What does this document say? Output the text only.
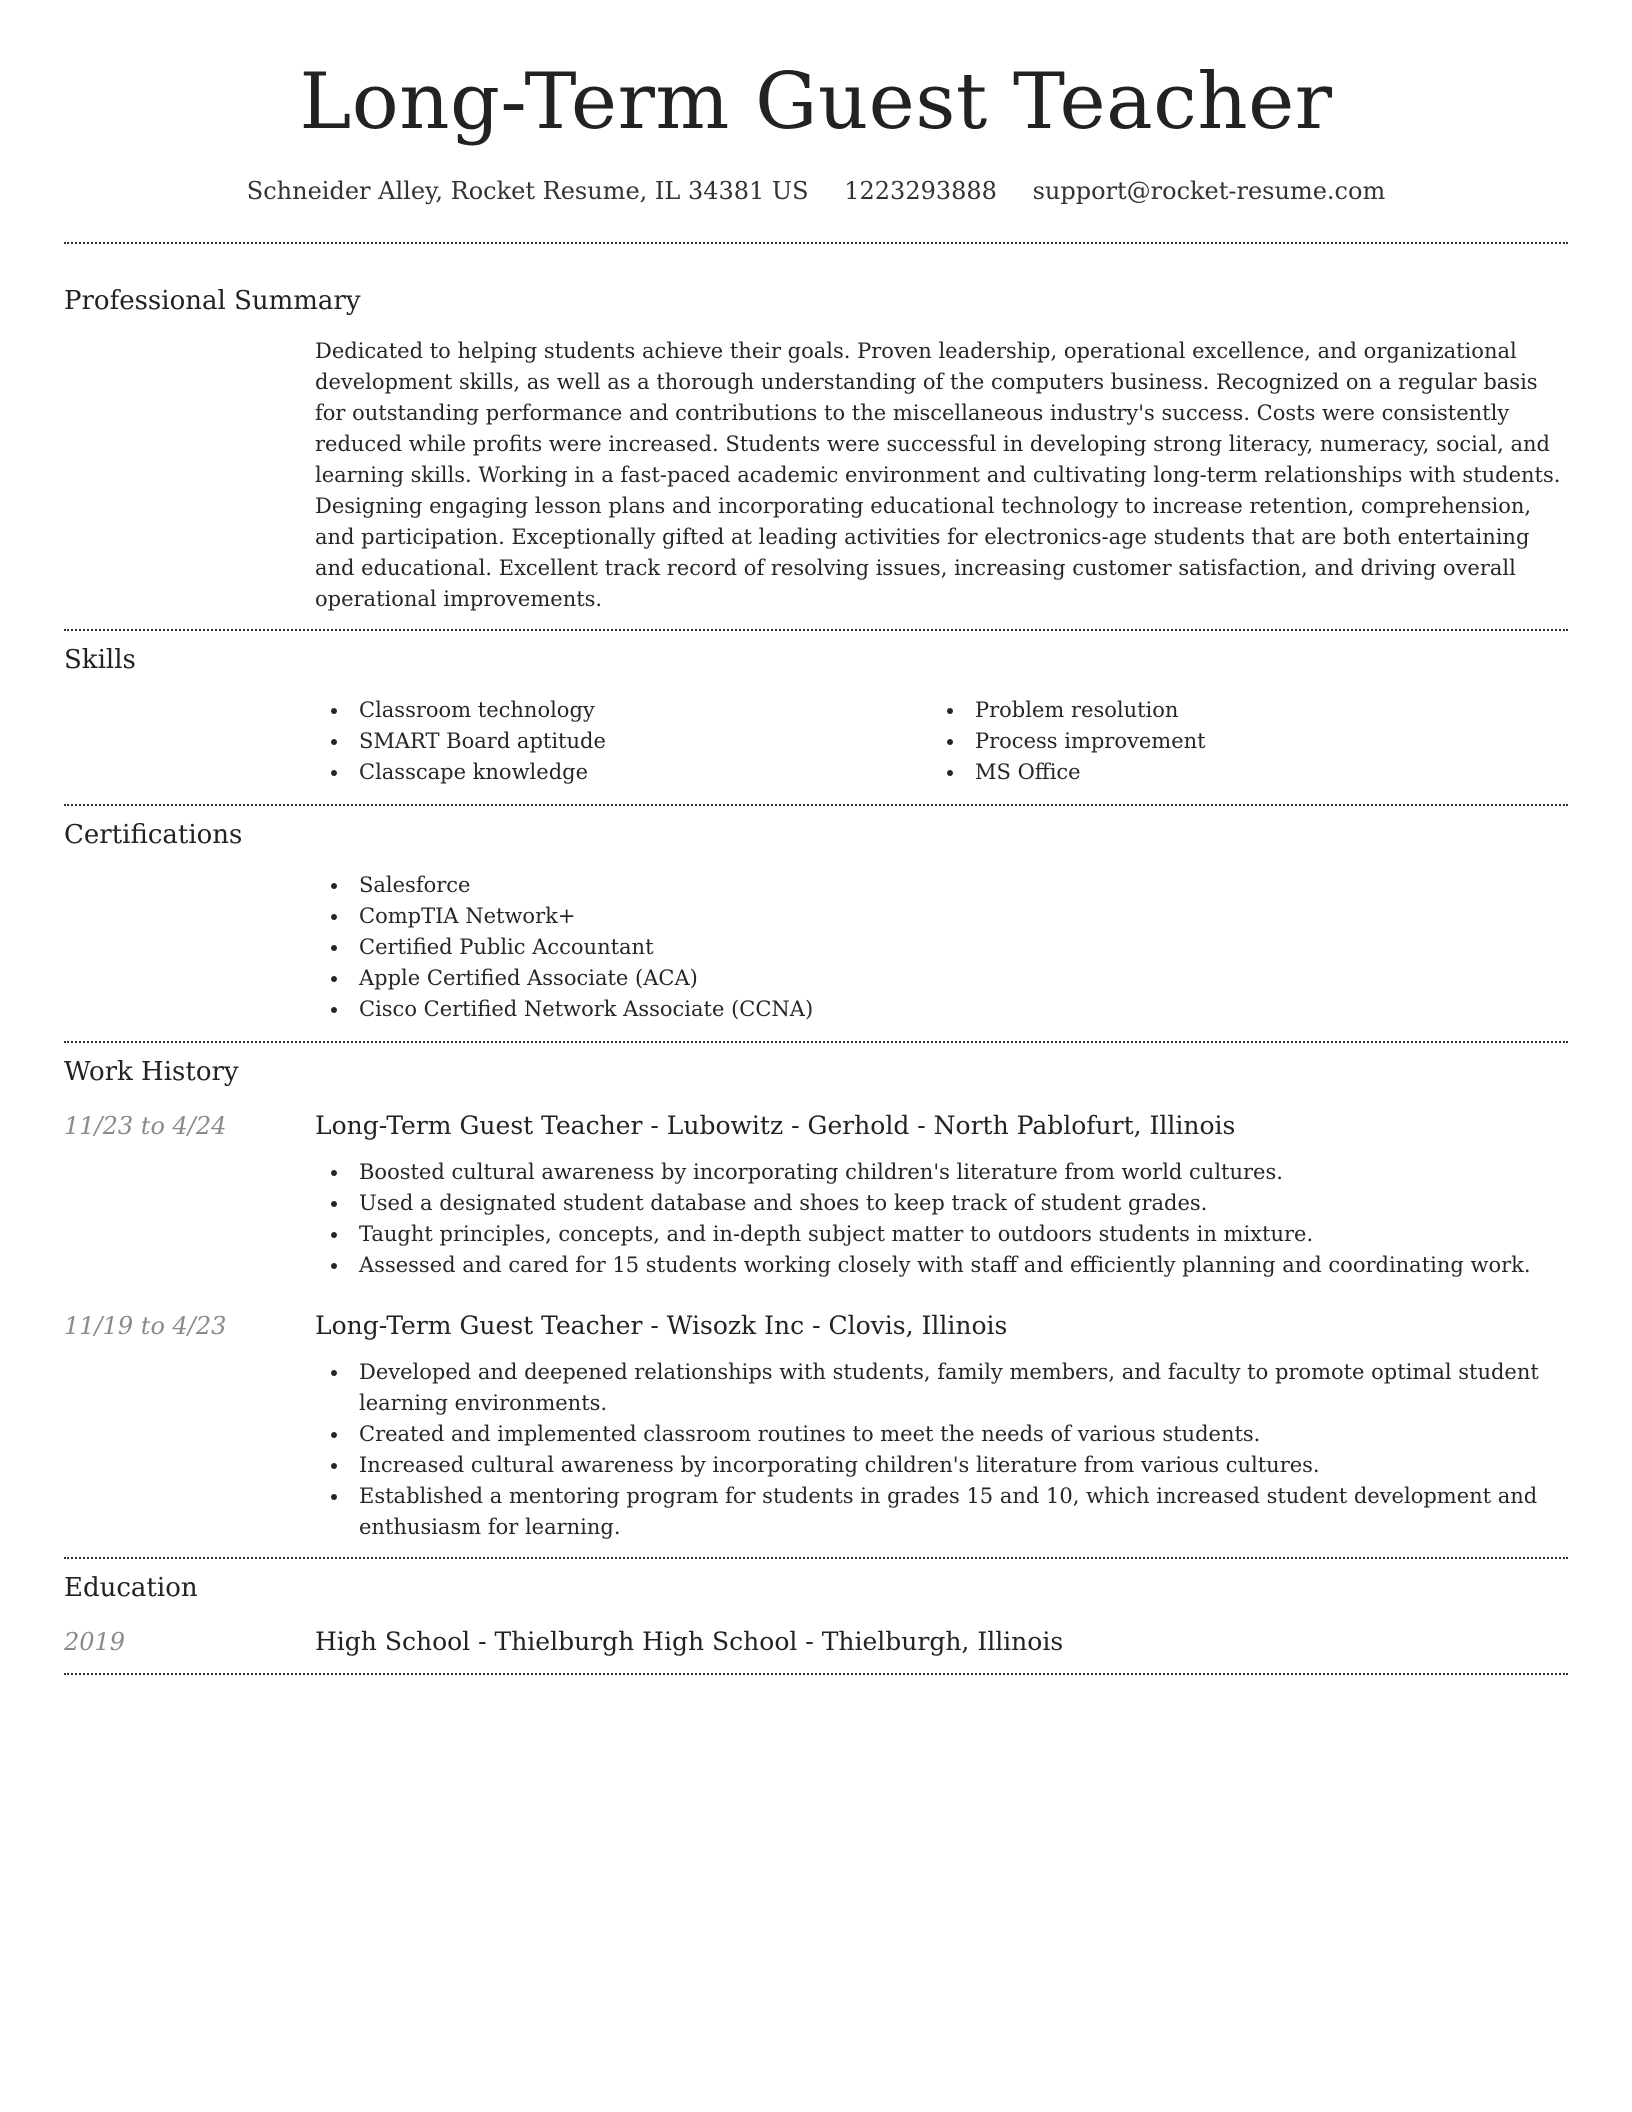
Long-Term Guest Teacher
Schneider Alley, Rocket Resume, IL 34381 US 1223293888 support@rocket-resume.com
Professional Summary

Dedicated to helping students achieve their goals. Proven leadership, operational excellence, and organizational development skills, as well as a thorough understanding of the computers business. Recognized on a regular basis for outstanding performance and contributions to the miscellaneous industry's success. Costs were consistently reduced while profits were increased. Students were successful in developing strong literacy, numeracy, social, and learning skills. Working in a fast-paced academic environment and cultivating long-term relationships with students. Designing engaging lesson plans and incorporating educational technology to increase retention, comprehension, and participation. Exceptionally gifted at leading activities for electronics-age students that are both entertaining and educational. Excellent track record of resolving issues, increasing customer satisfaction, and driving overall operational improvements.

Skills
Classroom technology
SMART Board aptitude
Classcape knowledge
Problem resolution
Process improvement
MS Office
Certifications
Salesforce
CompTIA Network+
Certified Public Accountant
Apple Certified Associate (ACA)
Cisco Certified Network Associate (CCNA)
Work History
11/23 to 4/24	Long-Term Guest Teacher - Lubowitz - Gerhold - North Pablofurt, Illinois
Boosted cultural awareness by incorporating children's literature from world cultures.
Used a designated student database and shoes to keep track of student grades.
Taught principles, concepts, and in-depth subject matter to outdoors students in mixture.
Assessed and cared for 15 students working closely with staff and efficiently planning and coordinating work.
11/19 to 4/23	Long-Term Guest Teacher - Wisozk Inc - Clovis, Illinois
Developed and deepened relationships with students, family members, and faculty to promote optimal student learning environments.
Created and implemented classroom routines to meet the needs of various students.
Increased cultural awareness by incorporating children's literature from various cultures.
Established a mentoring program for students in grades 15 and 10, which increased student development and enthusiasm for learning.
Education
2019	High School - Thielburgh High School - Thielburgh, Illinois
